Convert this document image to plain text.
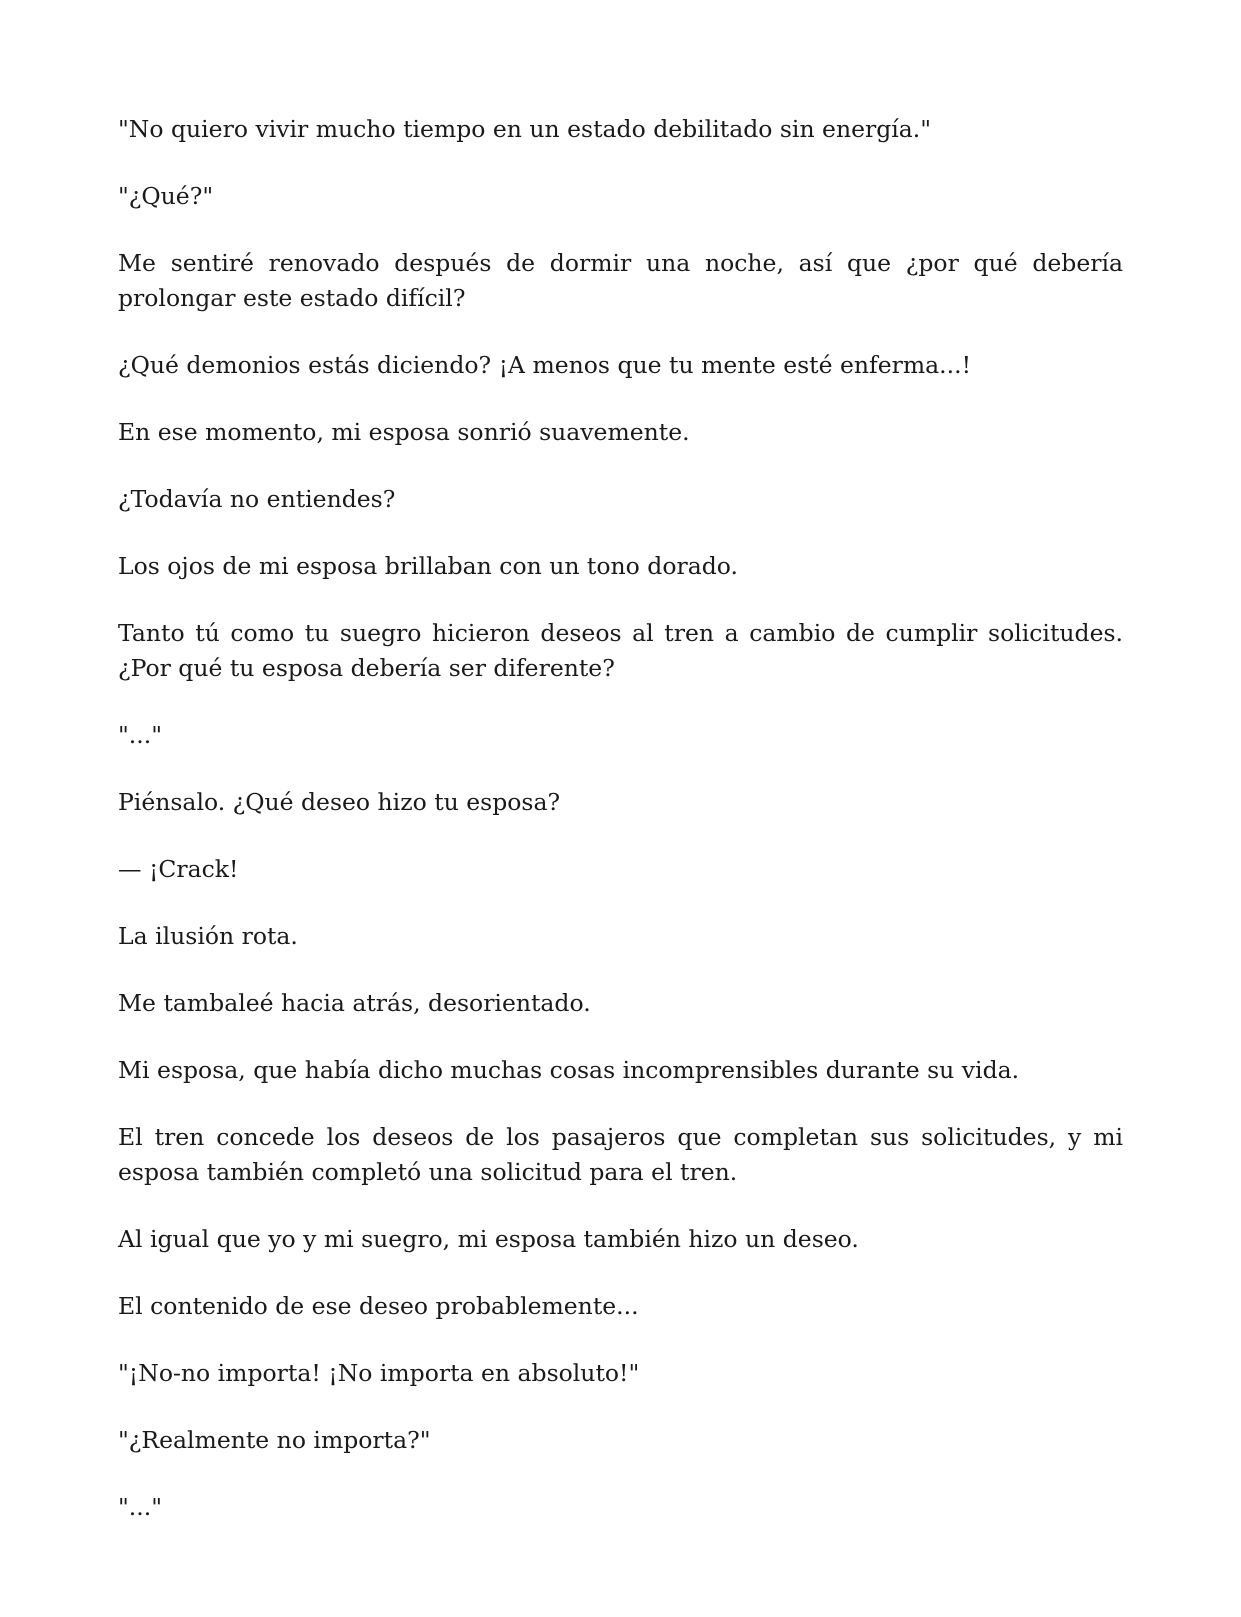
"No quiero vivir mucho tiempo en un estado debilitado sin energía."

"¿Qué?"

Me sentiré renovado después de dormir una noche, así que ¿por qué debería prolongar este estado difícil?

¿Qué demonios estás diciendo? ¡A menos que tu mente esté enferma...!

En ese momento, mi esposa sonrió suavemente.

¿Todavía no entiendes?

Los ojos de mi esposa brillaban con un tono dorado.

Tanto tú como tu suegro hicieron deseos al tren a cambio de cumplir solicitudes. ¿Por qué tu esposa debería ser diferente?

"..."

Piénsalo. ¿Qué deseo hizo tu esposa?

— ¡Crack!

La ilusión rota.

Me tambaleé hacia atrás, desorientado.

Mi esposa, que había dicho muchas cosas incomprensibles durante su vida.

El tren concede los deseos de los pasajeros que completan sus solicitudes, y mi esposa también completó una solicitud para el tren.

Al igual que yo y mi suegro, mi esposa también hizo un deseo.

El contenido de ese deseo probablemente...

"¡No-no importa! ¡No importa en absoluto!"

"¿Realmente no importa?"

"..."
